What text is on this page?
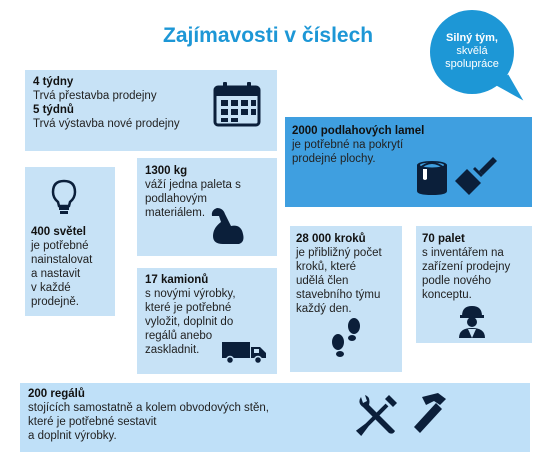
Zajímavosti v číslech	Silný tým,
skvělá
spolupráce
4 týdny
Trvá přestavba prodejny
5 týdnů
Trvá výstavba nové prodejny
2000 podlahových lamel
je potřebné na pokrytí
prodejné plochy.
1300 kg
váží jedna paleta s
podlahovým
materiálem.
400 světel
je potřebné
nainstalovat
a nastavit
v každé
prodejně.
28 000 kroků
je přibližný počet
kroků, které
udělá člen
stavebního týmu
každý den.
70 palet
s inventářem na
zařízení prodejny
podle nového
konceptu.
17 kamionů
s novými výrobky,
které je potřebné
vyložit, doplnit do
regálů anebo
zaskladnit.
200 regálů
stojících samostatně a kolem obvodových stěn,
které je potřebné sestavit
a doplnit výrobky.
